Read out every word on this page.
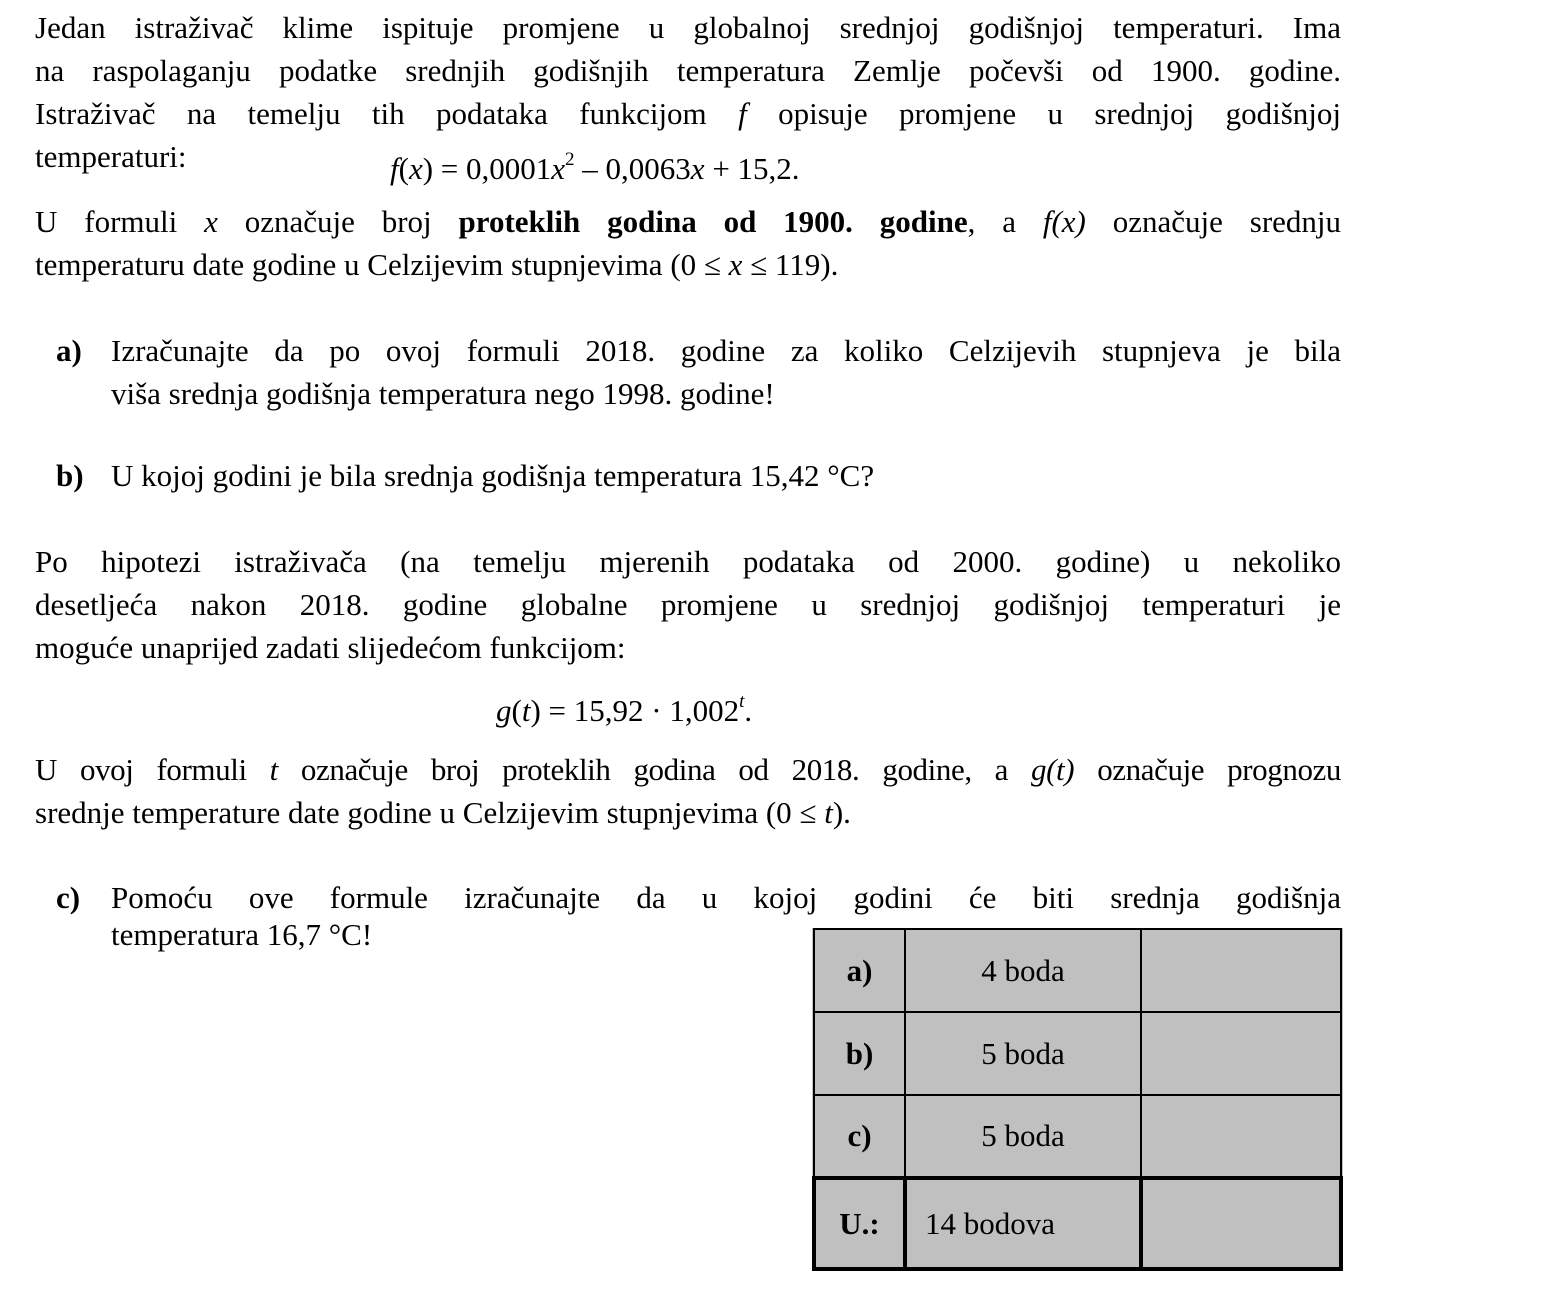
Jedan istraživač klime ispituje promjene u globalnoj srednjoj godišnjoj temperaturi. Ima
na raspolaganju podatke srednjih godišnjih temperatura Zemlje počevši od 1900. godine.
Istraživač na temelju tih podataka funkcijom f opisuje promjene u srednjoj godišnjoj
temperaturi:	$f(x) = 0,0001x^2 - 0,0063x + 15,2$.
U formuli x označuje broj proteklih godina od 1900. godine, a f(x) označuje srednju
temperaturu date godine u Celzijevim stupnjevima (0 ≤ x ≤ 119).
a) Izračunajte da po ovoj formuli 2018. godine za koliko Celzijevih stupnjeva je bila
viša srednja godišnja temperatura nego 1998. godine!
b) U kojoj godini je bila srednja godišnja temperatura 15,42 °C?
Po hipotezi istraživača (na temelju mjerenih podataka od 2000. godine) u nekoliko
desetljeća nakon 2018. godine globalne promjene u srednjoj godišnjoj temperaturi je
moguće unaprijed zadati slijedećom funkcijom:
$g(t) = 15,92 \cdot 1,002^t$.
U ovoj formuli t označuje broj proteklih godina od 2018. godine, a g(t) označuje prognozu
srednje temperature date godine u Celzijevim stupnjevima (0 ≤ t).
c) Pomoću ove formule izračunajte da u kojoj godini će biti srednja godišnja
temperatura 16,7 °C!
a)	4 boda	
b)	5 boda	
c)	5 boda	
U.:	14 bodova	
